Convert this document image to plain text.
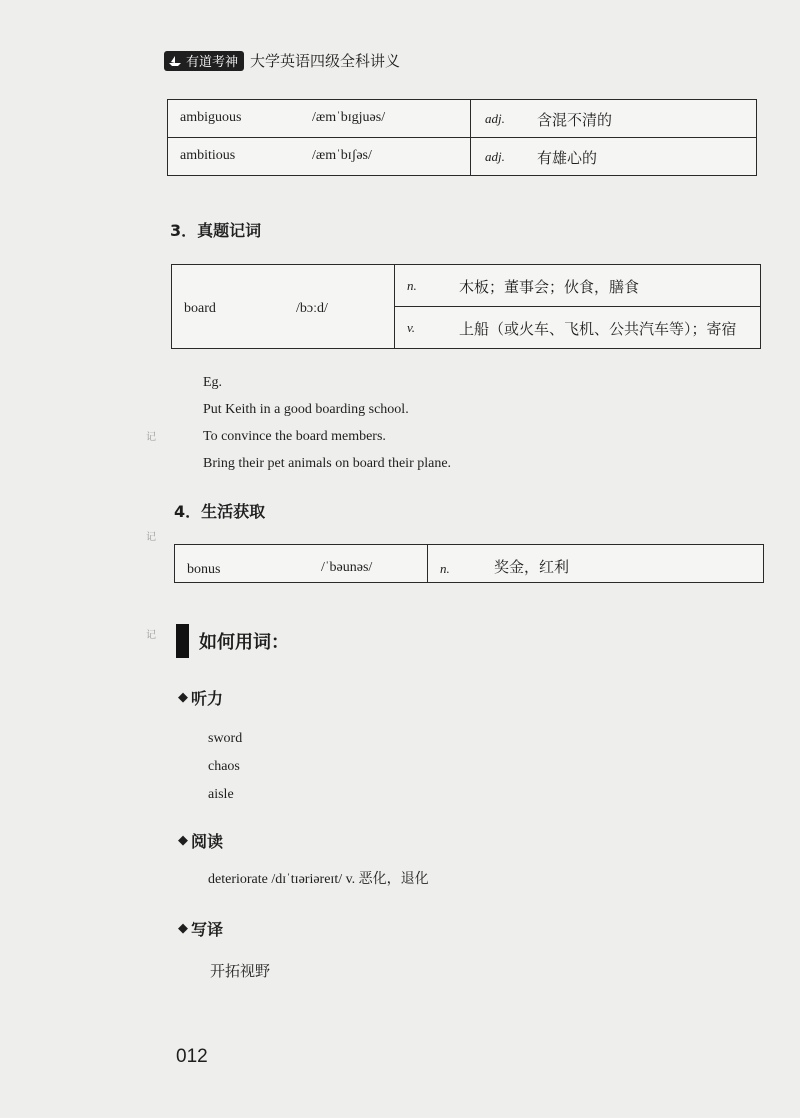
记
记
记
有道考神 大学英语四级全科讲义
ambiguous /æmˈbɪgjuəs/	adj. 含混不清的

ambitious /æmˈbɪʃəs/	adj. 有雄心的
3．真题记词
board	/bɔːd/

n.	木板；董事会；伙食，膳食

v.	上船（或火车、飞机、公共汽车等）；寄宿
Eg.
Put Keith in a good boarding school.
To convince the board members.
Bring their pet animals on board their plane.
4．生活获取
bonus	/ˈbəunəs/	n.	奖金，红利
如何用词：
◆ 听力
sword
chaos
aisle
◆ 阅读
deteriorate /dɪˈtɪəriəreɪt/ v. 恶化，退化
◆ 写译
开拓视野
012
